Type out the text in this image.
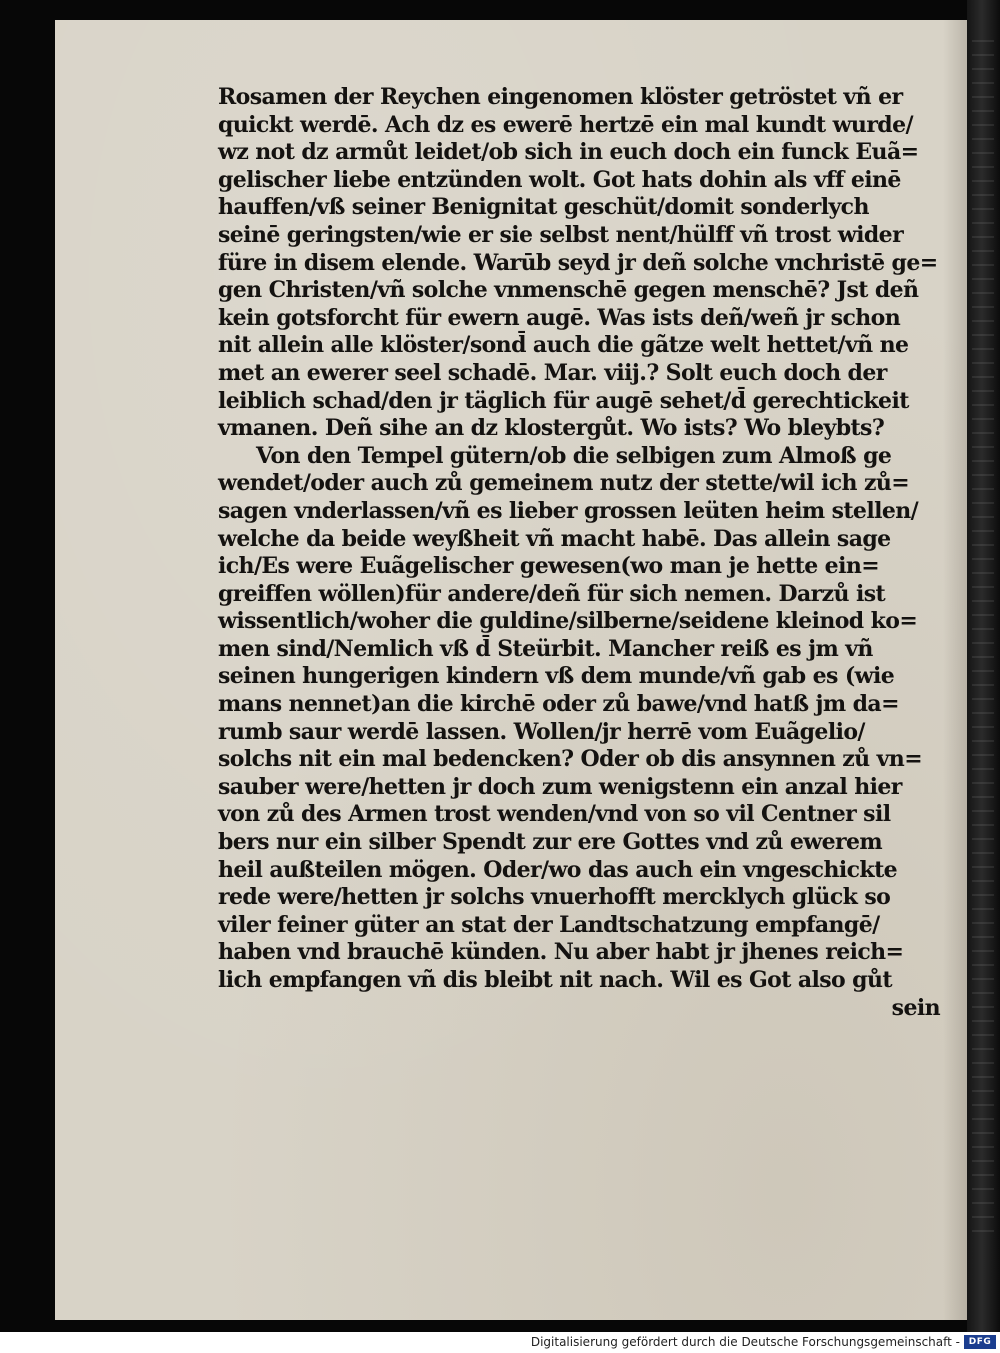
Rosamen der Reychen eingenomen klöster getröstet vñ er
quickt werdē. Ach dz es ewerē hertzē ein mal kundt wurde/
wz not dz armůt leidet/ob sich in euch doch ein funck Euã=
gelischer liebe entzünden wolt. Got hats dohin als vff einē
hauffen/vß seiner Benignitat geschüt/domit sonderlych
seinē geringsten/wie er sie selbst nent/hülff vñ trost wider
füre in disem elende. Warūb seyd jr deñ solche vnchristē ge=
gen Christen/vñ solche vnmenschē gegen menschē? Jst deñ
kein gotsforcht für ewern augē. Was ists deñ/weñ jr schon
nit allein alle klöster/sond̄ auch die gãtze welt hettet/vñ ne
met an ewerer seel schadē. Mar. viij.? Solt euch doch der
leiblich schad/den jr täglich für augē sehet/d̄ gerechtickeit
vmanen. Deñ sihe an dz klostergůt. Wo ists? Wo bleybts?
Von den Tempel gütern/ob die selbigen zum Almoß ge
wendet/oder auch zů gemeinem nutz der stette/wil ich zů=
sagen vnderlassen/vñ es lieber grossen leüten heim stellen/
welche da beide weyßheit vñ macht habē. Das allein sage
ich/Es were Euãgelischer gewesen(wo man je hette ein=
greiffen wöllen)für andere/deñ für sich nemen. Darzů ist
wissentlich/woher die guldine/silberne/seidene kleinod ko=
men sind/Nemlich vß d̄ Steürbit. Mancher reiß es jm vñ
seinen hungerigen kindern vß dem munde/vñ gab es (wie
mans nennet)an die kirchē oder zů bawe/vnd hatß jm da=
rumb saur werdē lassen. Wollen/jr herrē vom Euãgelio/
solchs nit ein mal bedencken? Oder ob dis ansynnen zů vn=
sauber were/hetten jr doch zum wenigstenn ein anzal hier
von zů des Armen trost wenden/vnd von so vil Centner sil
bers nur ein silber Spendt zur ere Gottes vnd zů ewerem
heil außteilen mögen. Oder/wo das auch ein vngeschickte
rede were/hetten jr solchs vnuerhofft mercklych glück so
viler feiner güter an stat der Landtschatzung empfangē/
haben vnd brauchē künden. Nu aber habt jr jhenes reich=
lich empfangen vñ dis bleibt nit nach. Wil es Got also gůt
sein
Digitalisierung gefördert durch die Deutsche Forschungsgemeinschaft - DFG
